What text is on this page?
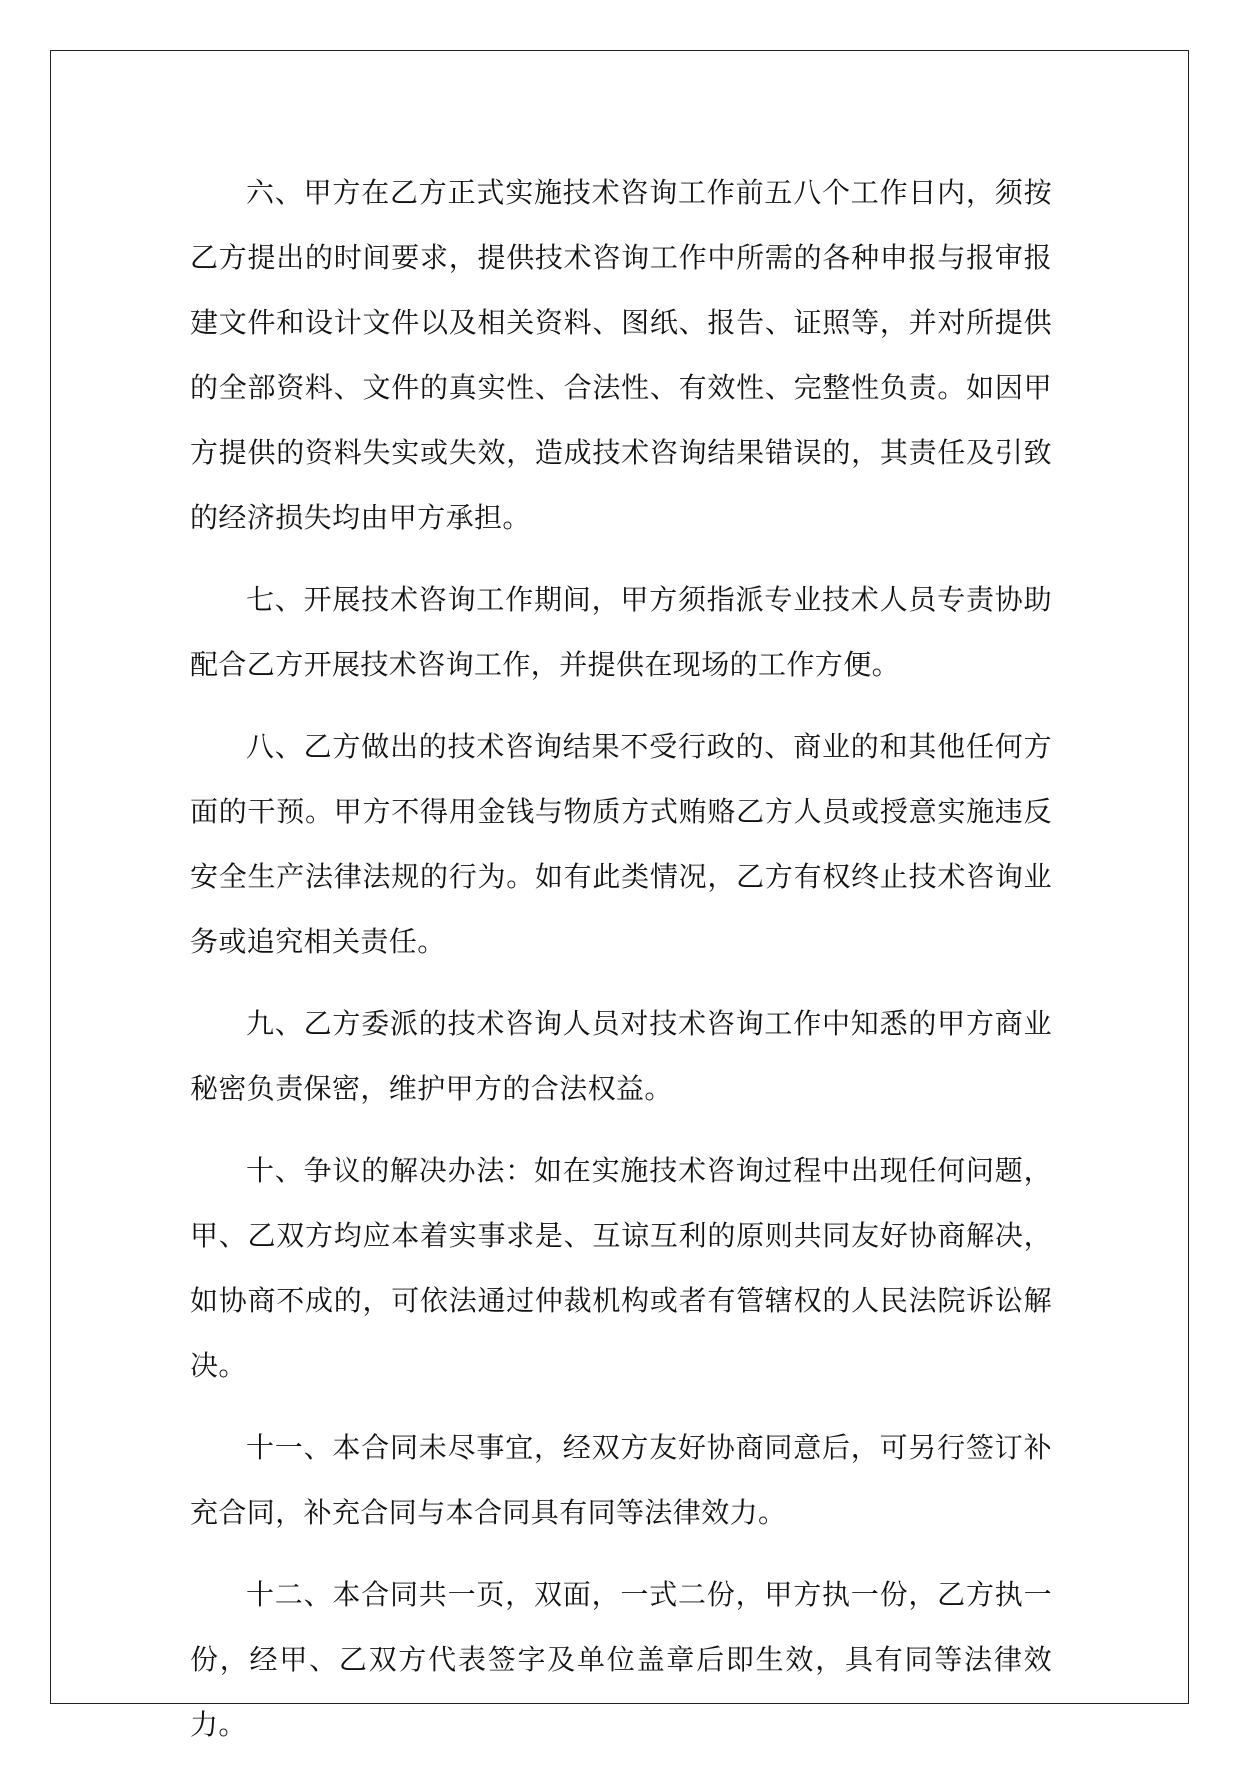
六、甲方在乙方正式实施技术咨询工作前五八个工作日内，须按乙方提出的时间要求，提供技术咨询工作中所需的各种申报与报审报建文件和设计文件以及相关资料、图纸、报告、证照等，并对所提供的全部资料、文件的真实性、合法性、有效性、完整性负责。如因甲方提供的资料失实或失效，造成技术咨询结果错误的，其责任及引致的经济损失均由甲方承担。

七、开展技术咨询工作期间，甲方须指派专业技术人员专责协助配合乙方开展技术咨询工作，并提供在现场的工作方便。

八、乙方做出的技术咨询结果不受行政的、商业的和其他任何方面的干预。甲方不得用金钱与物质方式贿赂乙方人员或授意实施违反安全生产法律法规的行为。如有此类情况，乙方有权终止技术咨询业务或追究相关责任。

九、乙方委派的技术咨询人员对技术咨询工作中知悉的甲方商业秘密负责保密，维护甲方的合法权益。

十、争议的解决办法：如在实施技术咨询过程中出现任何问题，甲、乙双方均应本着实事求是、互谅互利的原则共同友好协商解决，如协商不成的，可依法通过仲裁机构或者有管辖权的人民法院诉讼解决。

十一、本合同未尽事宜，经双方友好协商同意后，可另行签订补充合同，补充合同与本合同具有同等法律效力。

十二、本合同共一页，双面，一式二份，甲方执一份，乙方执一份，经甲、乙双方代表签字及单位盖章后即生效，具有同等法律效力。
